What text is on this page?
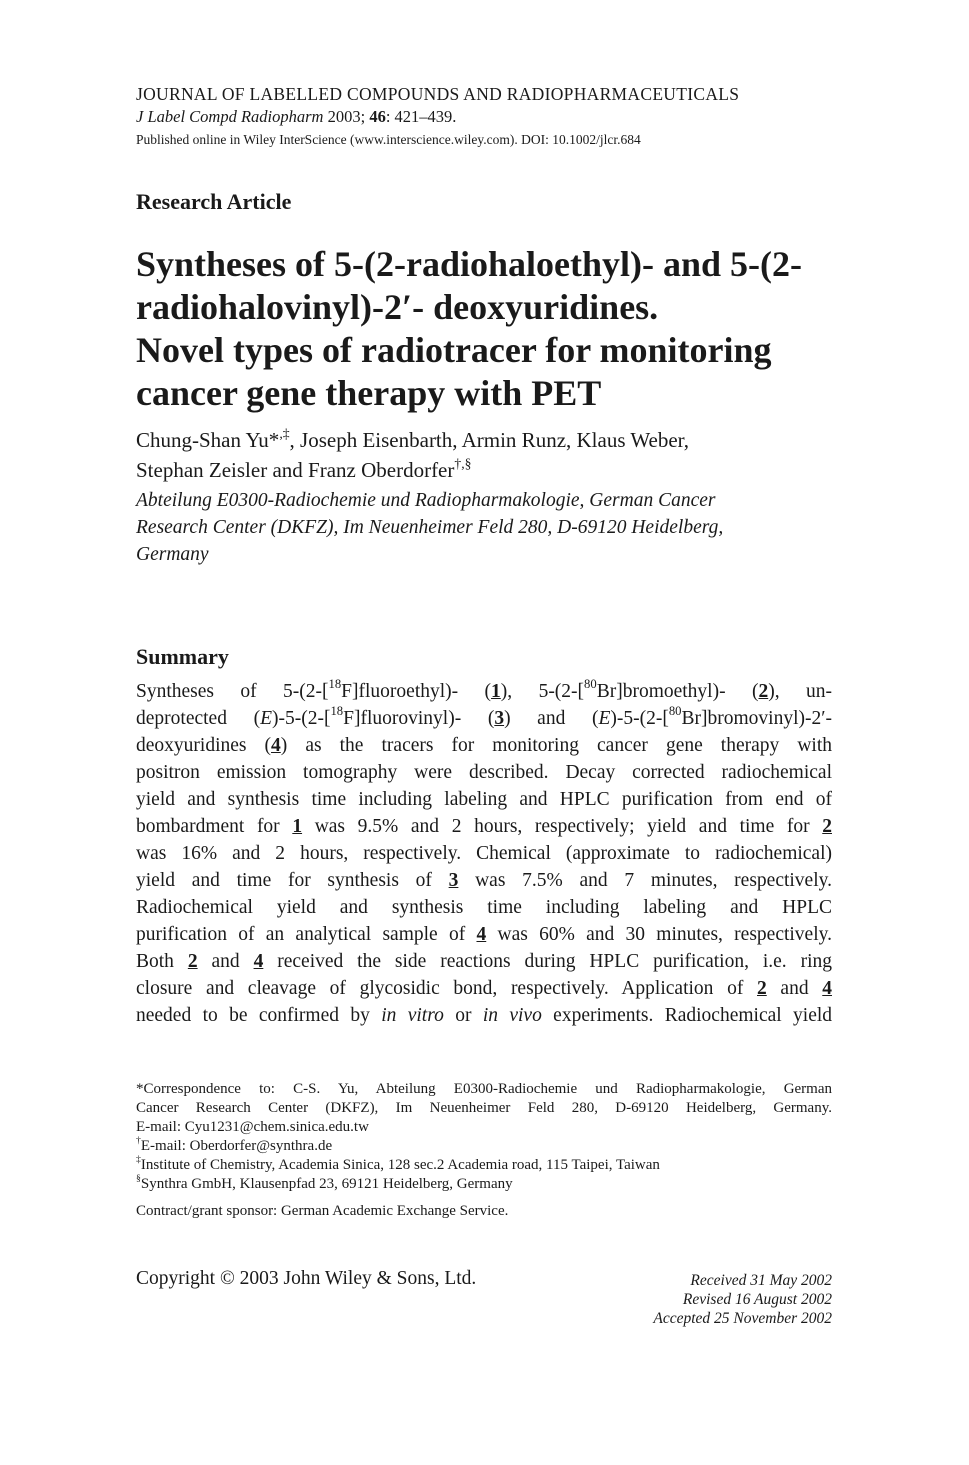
JOURNAL OF LABELLED COMPOUNDS AND RADIOPHARMACEUTICALS
J Label Compd Radiopharm 2003; 46: 421–439.
Published online in Wiley InterScience (www.interscience.wiley.com). DOI: 10.1002/jlcr.684
Research Article
Syntheses of 5-(2-radiohaloethyl)- and 5-(2-
radiohalovinyl)-2′- deoxyuridines.
Novel types of radiotracer for monitoring
cancer gene therapy with PET
Chung-Shan Yu*,‡, Joseph Eisenbarth, Armin Runz, Klaus Weber,
Stephan Zeisler and Franz Oberdorfer†,§
Abteilung E0300-Radiochemie und Radiopharmakologie, German Cancer
Research Center (DKFZ), Im Neuenheimer Feld 280, D-69120 Heidelberg,
Germany
Summary
Syntheses of 5-(2-[$^{18}$F]fluoroethyl)- (1), 5-(2-[$^{80}$Br]bromoethyl)- (2), un-
deprotected (E)-5-(2-[$^{18}$F]fluorovinyl)- (3) and (E)-5-(2-[$^{80}$Br]bromovinyl)-2′-
deoxyuridines (4) as the tracers for monitoring cancer gene therapy with
positron emission tomography were described. Decay corrected radiochemical
yield and synthesis time including labeling and HPLC purification from end of
bombardment for 1 was 9.5% and 2 hours, respectively; yield and time for 2
was 16% and 2 hours, respectively. Chemical (approximate to radiochemical)
yield and time for synthesis of 3 was 7.5% and 7 minutes, respectively.
Radiochemical yield and synthesis time including labeling and HPLC
purification of an analytical sample of 4 was 60% and 30 minutes, respectively.
Both 2 and 4 received the side reactions during HPLC purification, i.e. ring
closure and cleavage of glycosidic bond, respectively. Application of 2 and 4
needed to be confirmed by in vitro or in vivo experiments. Radiochemical yield
*Correspondence to: C-S. Yu, Abteilung E0300-Radiochemie und Radiopharmakologie, German
Cancer Research Center (DKFZ), Im Neuenheimer Feld 280, D-69120 Heidelberg, Germany.
E-mail: Cyu1231@chem.sinica.edu.tw
†E-mail: Oberdorfer@synthra.de
‡Institute of Chemistry, Academia Sinica, 128 sec.2 Academia road, 115 Taipei, Taiwan
§Synthra GmbH, Klausenpfad 23, 69121 Heidelberg, Germany
Contract/grant sponsor: German Academic Exchange Service.
Copyright © 2003 John Wiley & Sons, Ltd.	Received 31 May 2002
Revised 16 August 2002
Accepted 25 November 2002
